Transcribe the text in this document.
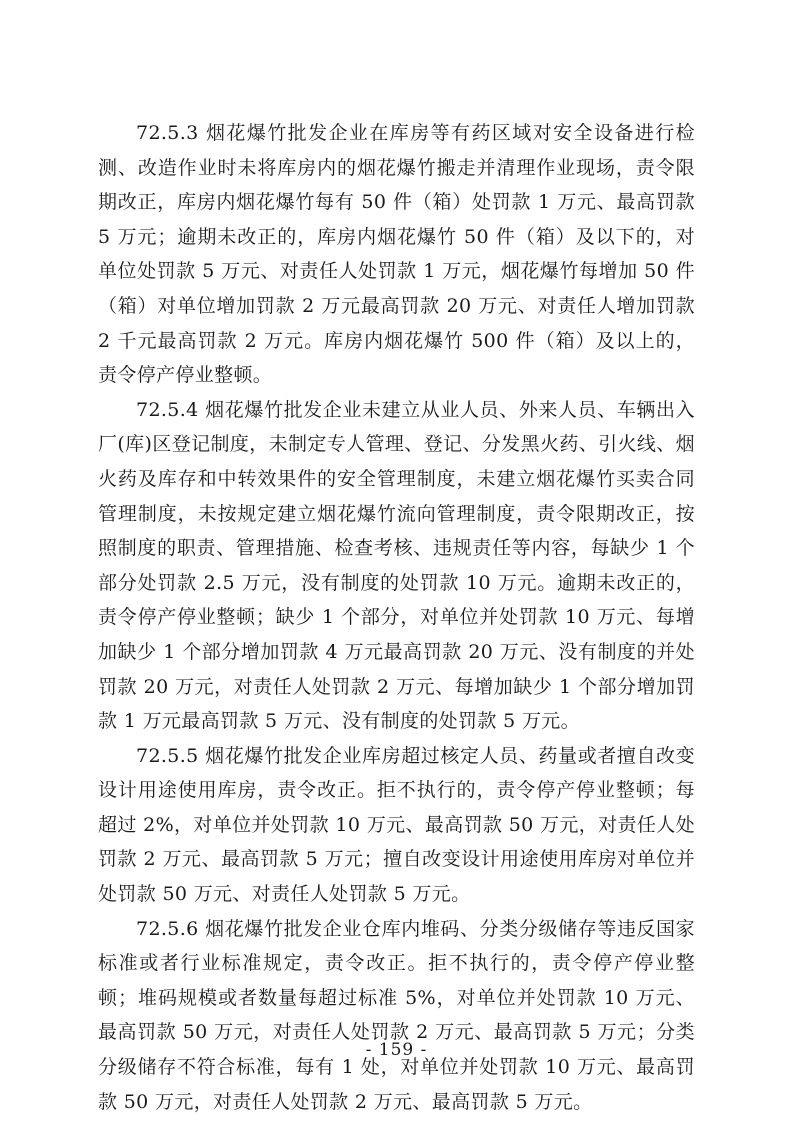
72.5.3 烟花爆竹批发企业在库房等有药区域对安全设备进行检测、改造作业时未将库房内的烟花爆竹搬走并清理作业现场，责令限期改正，库房内烟花爆竹每有 50 件（箱）处罚款 1 万元、最高罚款 5 万元；逾期未改正的，库房内烟花爆竹 50 件（箱）及以下的，对单位处罚款 5 万元、对责任人处罚款 1 万元，烟花爆竹每增加 50 件（箱）对单位增加罚款 2 万元最高罚款 20 万元、对责任人增加罚款 2 千元最高罚款 2 万元。库房内烟花爆竹 500 件（箱）及以上的，责令停产停业整顿。

72.5.4 烟花爆竹批发企业未建立从业人员、外来人员、车辆出入厂(库)区登记制度，未制定专人管理、登记、分发黑火药、引火线、烟火药及库存和中转效果件的安全管理制度，未建立烟花爆竹买卖合同管理制度，未按规定建立烟花爆竹流向管理制度，责令限期改正，按照制度的职责、管理措施、检查考核、违规责任等内容，每缺少 1 个部分处罚款 2.5 万元，没有制度的处罚款 10 万元。逾期未改正的，责令停产停业整顿；缺少 1 个部分，对单位并处罚款 10 万元、每增加缺少 1 个部分增加罚款 4 万元最高罚款 20 万元、没有制度的并处罚款 20 万元，对责任人处罚款 2 万元、每增加缺少 1 个部分增加罚款 1 万元最高罚款 5 万元、没有制度的处罚款 5 万元。

72.5.5 烟花爆竹批发企业库房超过核定人员、药量或者擅自改变设计用途使用库房，责令改正。拒不执行的，责令停产停业整顿；每超过 2%，对单位并处罚款 10 万元、最高罚款 50 万元，对责任人处罚款 2 万元、最高罚款 5 万元；擅自改变设计用途使用库房对单位并处罚款 50 万元、对责任人处罚款 5 万元。

72.5.6 烟花爆竹批发企业仓库内堆码、分类分级储存等违反国家标准或者行业标准规定，责令改正。拒不执行的，责令停产停业整顿；堆码规模或者数量每超过标准 5%，对单位并处罚款 10 万元、最高罚款 50 万元，对责任人处罚款 2 万元、最高罚款 5 万元；分类分级储存不符合标准，每有 1 处，对单位并处罚款 10 万元、最高罚款 50 万元，对责任人处罚款 2 万元、最高罚款 5 万元。

- 159 -
